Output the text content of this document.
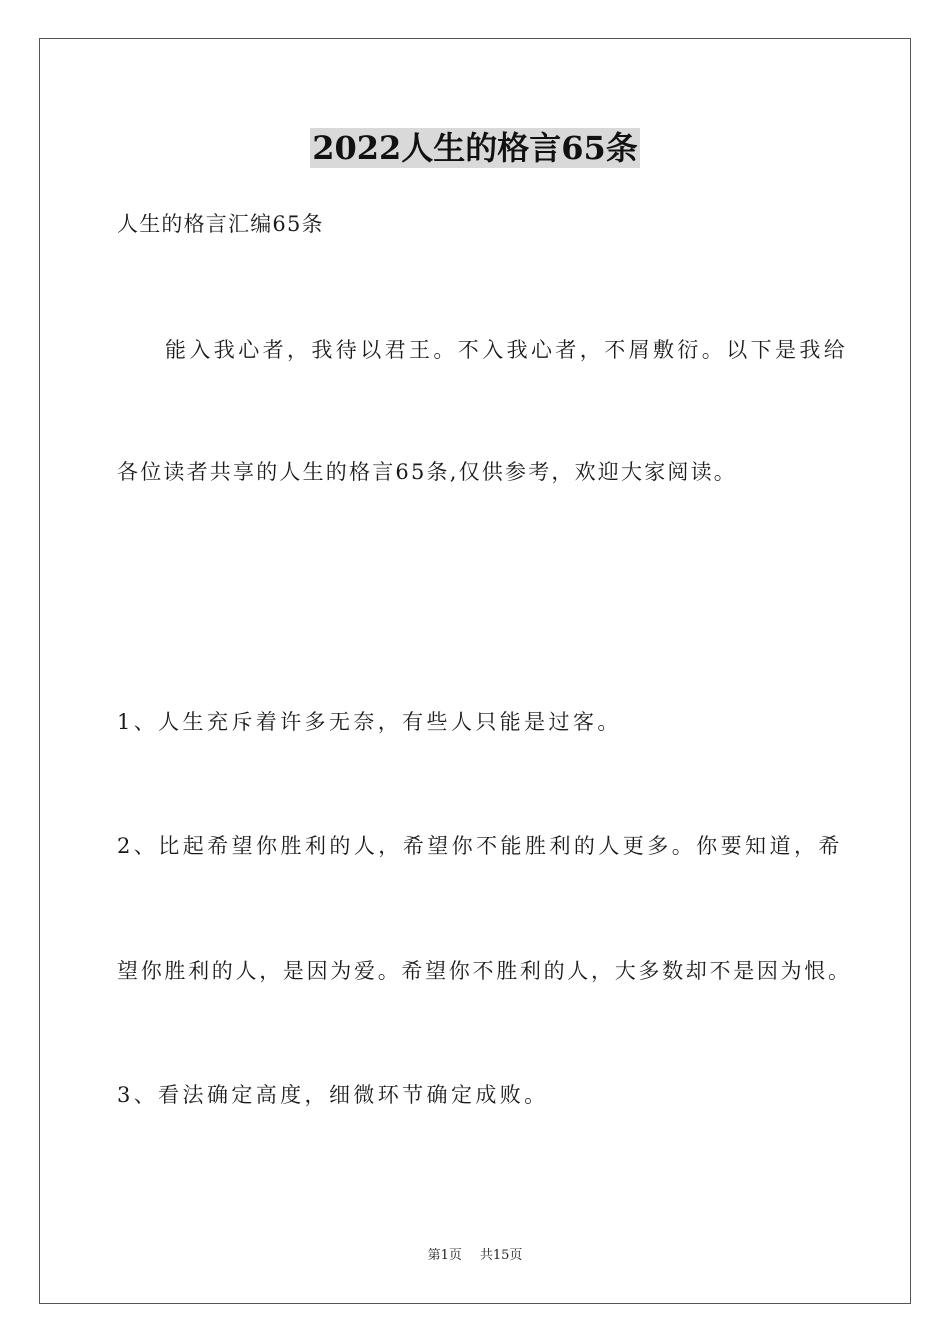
2022人生的格言65条
人生的格言汇编65条
能入我心者，我待以君王。不入我心者，不屑敷衍。以下是我给
各位读者共享的人生的格言65条,仅供参考，欢迎大家阅读。
1、人生充斥着许多无奈，有些人只能是过客。
2、比起希望你胜利的人，希望你不能胜利的人更多。你要知道，希
望你胜利的人，是因为爱。希望你不胜利的人，大多数却不是因为恨。
3、看法确定高度，细微环节确定成败。
第1页 共15页
